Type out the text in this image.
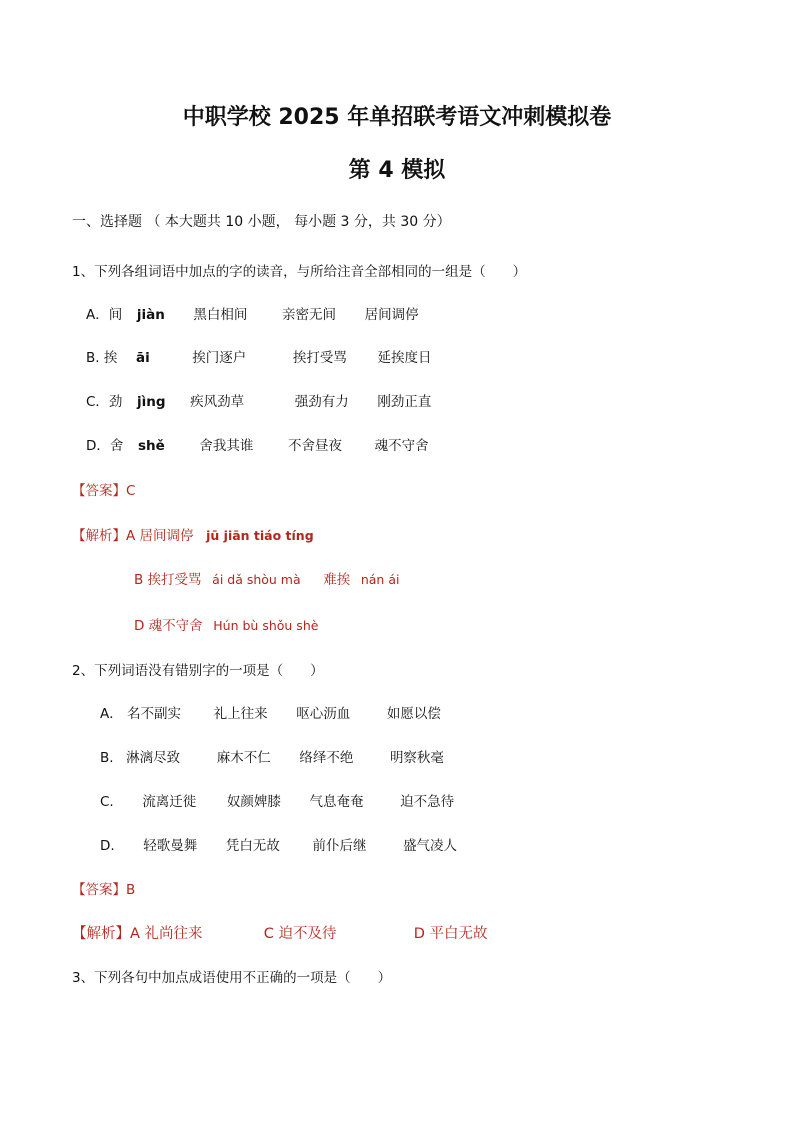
中职学校 2025 年单招联考语文冲刺模拟卷
第 4 模拟
一、选择题 （ 本大题共 10 小题， 每小题 3 分，共 30 分）
1、下列各组词语中加点的字的读音，与所给注音全部相同的一组是（　　）
A．间 jiàn 黑白相间	亲密无间 居间调停
B. 挨 āi	挨门逐户	挨打受骂 延挨度日
C．劲 jìng 疾风劲草	强劲有力 刚劲正直
D．舍 shě	舍我其谁	不舍昼夜 魂不守舍
【答案】C
【解析】A 居间调停 jū jiān tiáo tíng
B 挨打受骂 ái dǎ shòu mà 难挨 nán ái
D 魂不守舍 Hún bù shǒu shè
2、下列词语没有错别字的一项是（　　）
A． 名不副实 礼上往来 呕心沥血	如愿以偿
B. 淋漓尽致	麻木不仁 络绎不绝	明察秋毫
C. 流离迁徙 奴颜婢膝 气息奄奄	迫不急待
D. 轻歌曼舞 凭白无故 前仆后继	盛气凌人
【答案】B
【解析】A 礼尚往来	C 迫不及待	D 平白无故
3、下列各句中加点成语使用不正确的一项是（　　）
